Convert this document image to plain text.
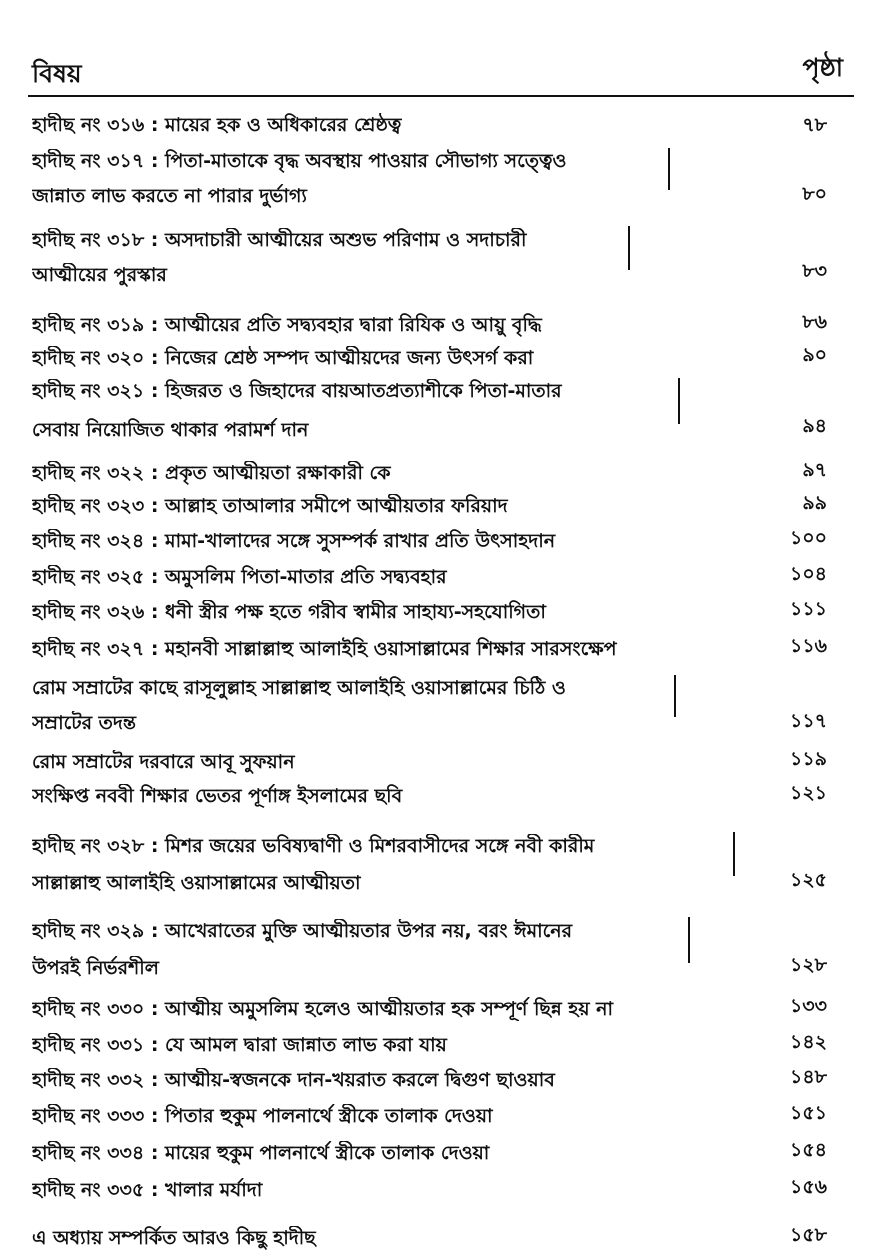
বিষয়	পৃষ্ঠা
হাদীছ নং ৩১৬ : মায়ের হক ও অধিকারের শ্রেষ্ঠত্ব	৭৮
হাদীছ নং ৩১৭ : পিতা-মাতাকে বৃদ্ধ অবস্থায় পাওয়ার সৌভাগ্য সত্ত্বেও
জান্নাত লাভ করতে না পারার দুর্ভাগ্য	৮০
হাদীছ নং ৩১৮ : অসদাচারী আত্মীয়ের অশুভ পরিণাম ও সদাচারী
আত্মীয়ের পুরস্কার	৮৩
হাদীছ নং ৩১৯ : আত্মীয়ের প্রতি সদ্ব্যবহার দ্বারা রিযিক ও আয়ু বৃদ্ধি	৮৬
হাদীছ নং ৩২০ : নিজের শ্রেষ্ঠ সম্পদ আত্মীয়দের জন্য উৎসর্গ করা	৯০
হাদীছ নং ৩২১ : হিজরত ও জিহাদের বায়আতপ্রত্যাশীকে পিতা-মাতার
সেবায় নিয়োজিত থাকার পরামর্শ দান	৯৪
হাদীছ নং ৩২২ : প্রকৃত আত্মীয়তা রক্ষাকারী কে	৯৭
হাদীছ নং ৩২৩ : আল্লাহ তাআলার সমীপে আত্মীয়তার ফরিয়াদ	৯৯
হাদীছ নং ৩২৪ : মামা-খালাদের সঙ্গে সুসম্পর্ক রাখার প্রতি উৎসাহদান	১০০
হাদীছ নং ৩২৫ : অমুসলিম পিতা-মাতার প্রতি সদ্ব্যবহার	১০৪
হাদীছ নং ৩২৬ : ধনী স্ত্রীর পক্ষ হতে গরীব স্বামীর সাহায্য-সহযোগিতা	১১১
হাদীছ নং ৩২৭ : মহানবী সাল্লাল্লাহু আলাইহি ওয়াসাল্লামের শিক্ষার সারসংক্ষেপ	১১৬
রোম সম্রাটের কাছে রাসূলুল্লাহ সাল্লাল্লাহু আলাইহি ওয়াসাল্লামের চিঠি ও
সম্রাটের তদন্ত	১১৭
রোম সম্রাটের দরবারে আবূ সুফয়ান	১১৯
সংক্ষিপ্ত নববী শিক্ষার ভেতর পূর্ণাঙ্গ ইসলামের ছবি	১২১
হাদীছ নং ৩২৮ : মিশর জয়ের ভবিষ্যদ্বাণী ও মিশরবাসীদের সঙ্গে নবী কারীম
সাল্লাল্লাহু আলাইহি ওয়াসাল্লামের আত্মীয়তা	১২৫
হাদীছ নং ৩২৯ : আখেরাতের মুক্তি আত্মীয়তার উপর নয়, বরং ঈমানের
উপরই নির্ভরশীল	১২৮
হাদীছ নং ৩৩০ : আত্মীয় অমুসলিম হলেও আত্মীয়তার হক সম্পূর্ণ ছিন্ন হয় না	১৩৩
হাদীছ নং ৩৩১ : যে আমল দ্বারা জান্নাত লাভ করা যায়	১৪২
হাদীছ নং ৩৩২ : আত্মীয়-স্বজনকে দান-খয়রাত করলে দ্বিগুণ ছাওয়াব	১৪৮
হাদীছ নং ৩৩৩ : পিতার হুকুম পালনার্থে স্ত্রীকে তালাক দেওয়া	১৫১
হাদীছ নং ৩৩৪ : মায়ের হুকুম পালনার্থে স্ত্রীকে তালাক দেওয়া	১৫৪
হাদীছ নং ৩৩৫ : খালার মর্যাদা	১৫৬
এ অধ্যায় সম্পর্কিত আরও কিছু হাদীছ	১৫৮
